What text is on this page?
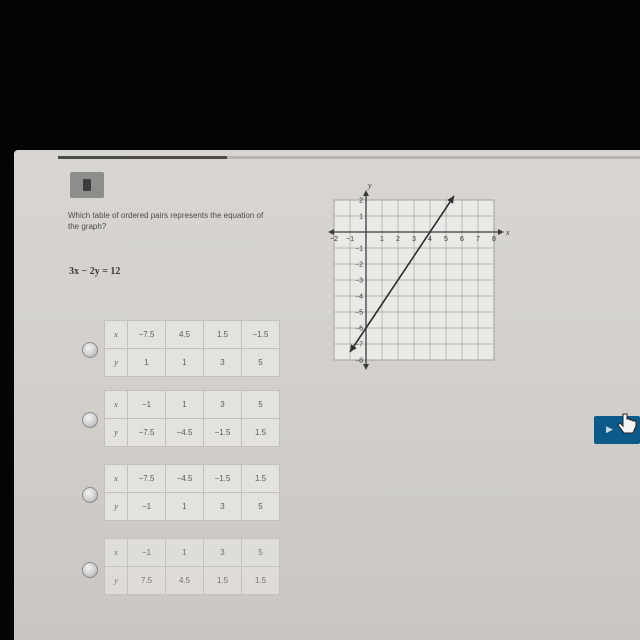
Which table of ordered pairs represents the equation of the graph?
3x − 2y = 12
x	−7.5	4.5	1.5	−1.5
y	1	1	3	5
x	−1	1	3	5
y	−7.5	−4.5	−1.5	1.5
x	−7.5	−4.5	−1.5	1.5
y	−1	1	3	5
x	−1	1	3	5
y	7.5	4.5	1.5	1.5
x
y
−2 −1	1 2 3 4 5 6 7 8
2
1
−1
−2
−3
−4
−5
−6
−7
−8
▶
